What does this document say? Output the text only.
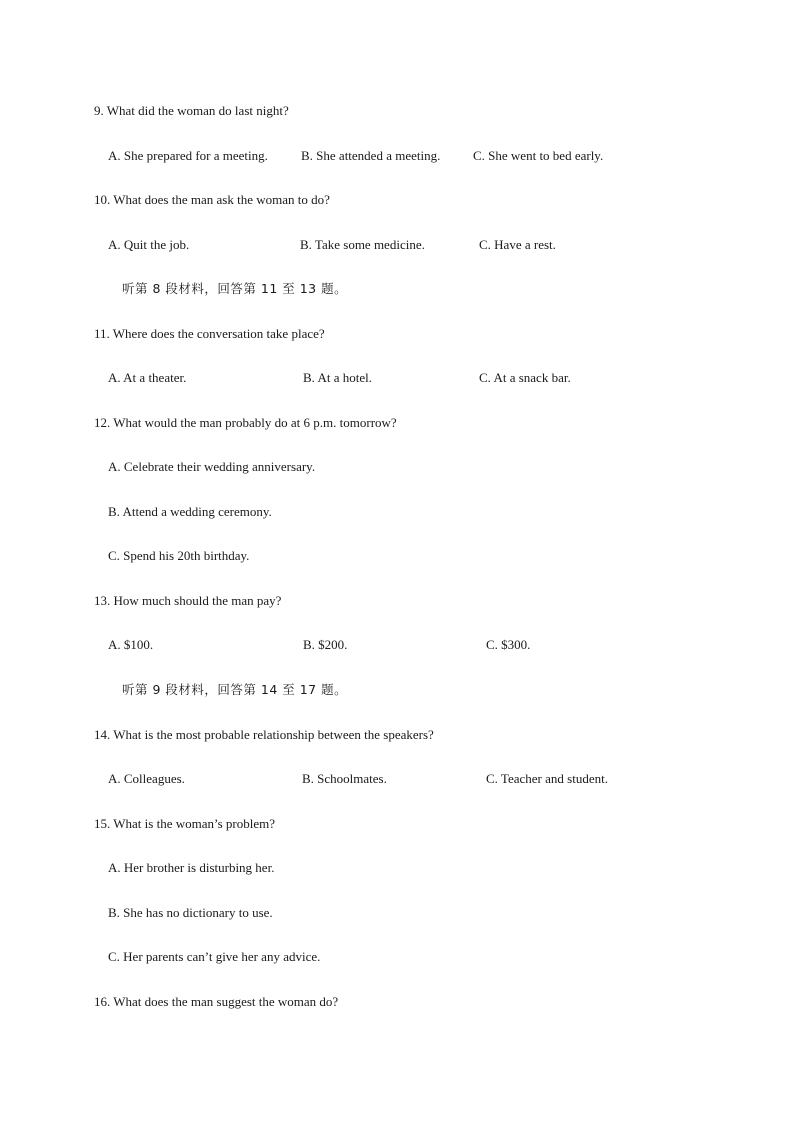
9. What did the woman do last night?
A. She prepared for a meeting.	B. She attended a meeting.	C. She went to bed early.
10. What does the man ask the woman to do?
A. Quit the job.	B. Take some medicine.	C. Have a rest.
听第 8 段材料，回答第 11 至 13 题。
11. Where does the conversation take place?
A. At a theater.	B. At a hotel.	C. At a snack bar.
12. What would the man probably do at 6 p.m. tomorrow?
A. Celebrate their wedding anniversary.
B. Attend a wedding ceremony.
C. Spend his 20th birthday.
13. How much should the man pay?
A. $100.	B. $200.	C. $300.
听第 9 段材料，回答第 14 至 17 题。
14. What is the most probable relationship between the speakers?
A. Colleagues.	B. Schoolmates.	C. Teacher and student.
15. What is the woman’s problem?
A. Her brother is disturbing her.
B. She has no dictionary to use.
C. Her parents can’t give her any advice.
16. What does the man suggest the woman do?
